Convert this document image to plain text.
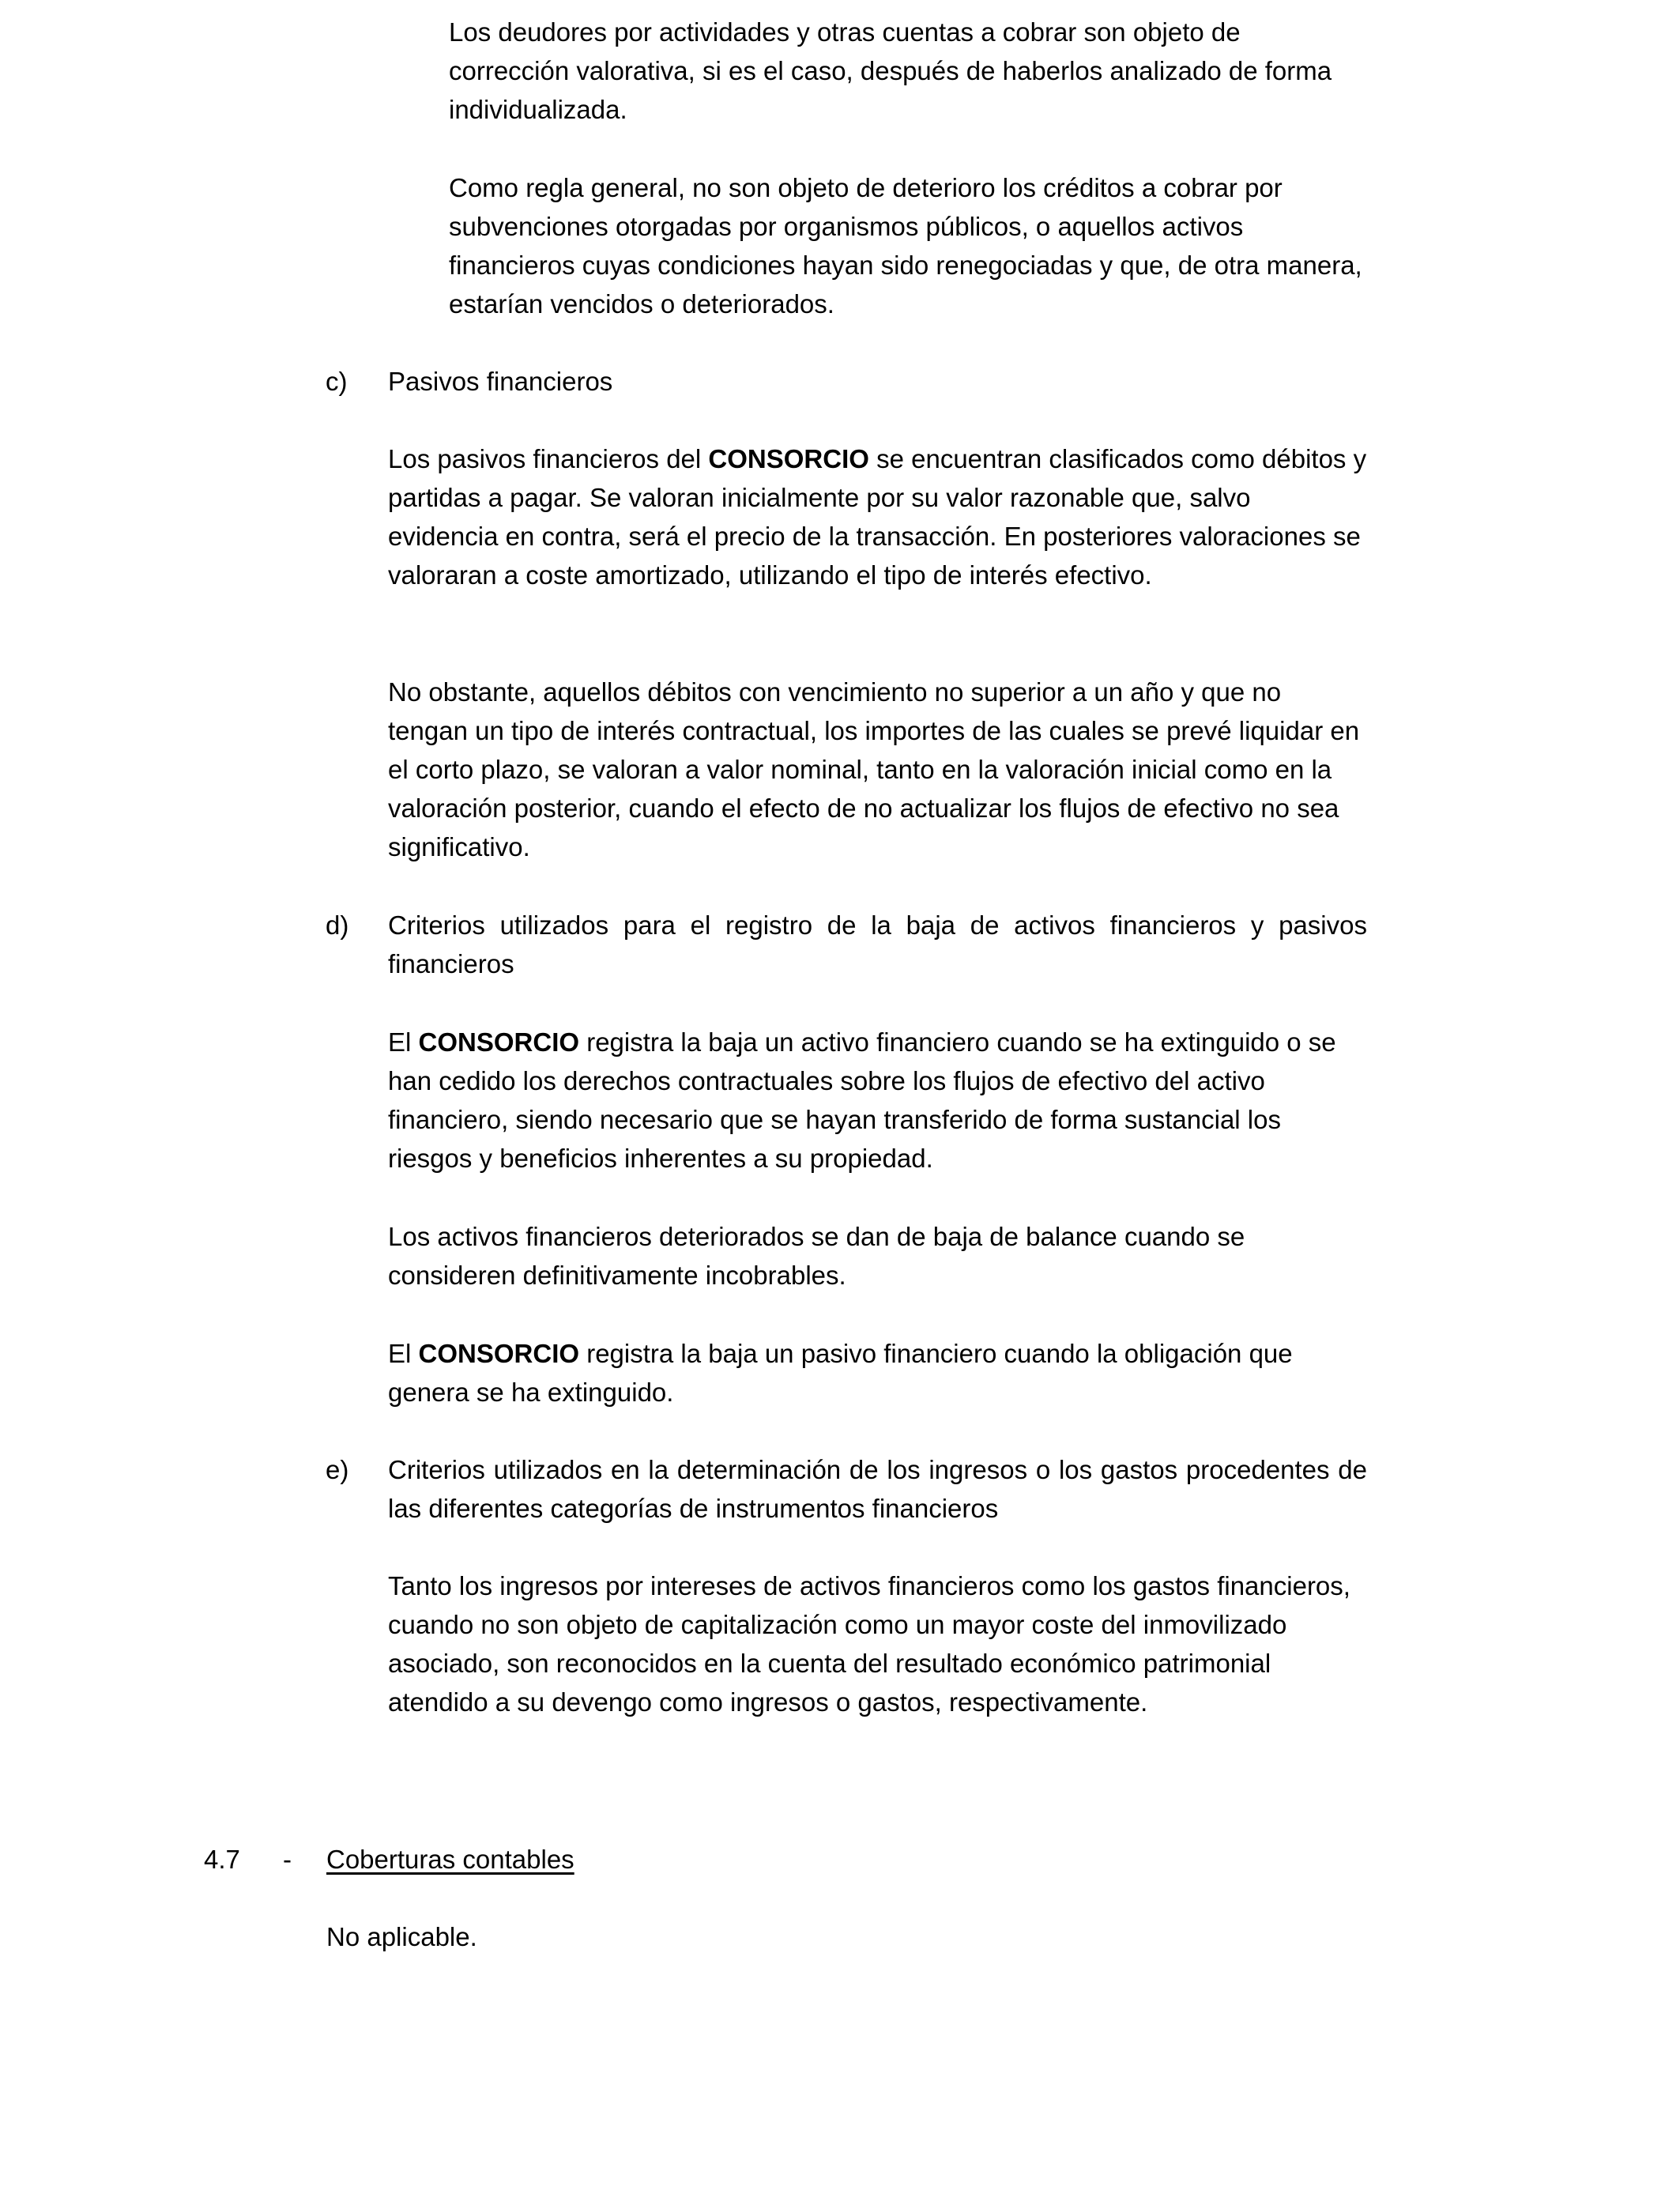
Los deudores por actividades y otras cuentas a cobrar son objeto de corrección valorativa, si es el caso, después de haberlos analizado de forma individualizada.

Como regla general, no son objeto de deterioro los créditos a cobrar por subvenciones otorgadas por organismos públicos, o aquellos activos financieros cuyas condiciones hayan sido renegociadas y que, de otra manera, estarían vencidos o deteriorados.

c) Pasivos financieros

Los pasivos financieros del CONSORCIO se encuentran clasificados como débitos y partidas a pagar. Se valoran inicialmente por su valor razonable que, salvo evidencia en contra, será el precio de la transacción. En posteriores valoraciones se valoraran a coste amortizado, utilizando el tipo de interés efectivo.

No obstante, aquellos débitos con vencimiento no superior a un año y que no tengan un tipo de interés contractual, los importes de las cuales se prevé liquidar en el corto plazo, se valoran a valor nominal, tanto en la valoración inicial como en la valoración posterior, cuando el efecto de no actualizar los flujos de efectivo no sea significativo.

d) Criterios utilizados para el registro de la baja de activos financieros y pasivos financieros

El CONSORCIO registra la baja un activo financiero cuando se ha extinguido o se han cedido los derechos contractuales sobre los flujos de efectivo del activo financiero, siendo necesario que se hayan transferido de forma sustancial los riesgos y beneficios inherentes a su propiedad.

Los activos financieros deteriorados se dan de baja de balance cuando se consideren definitivamente incobrables.

El CONSORCIO registra la baja un pasivo financiero cuando la obligación que genera se ha extinguido.

e) Criterios utilizados en la determinación de los ingresos o los gastos procedentes de las diferentes categorías de instrumentos financieros

Tanto los ingresos por intereses de activos financieros como los gastos financieros, cuando no son objeto de capitalización como un mayor coste del inmovilizado asociado, son reconocidos en la cuenta del resultado económico patrimonial atendido a su devengo como ingresos o gastos, respectivamente.

4.7 - Coberturas contables

No aplicable.
